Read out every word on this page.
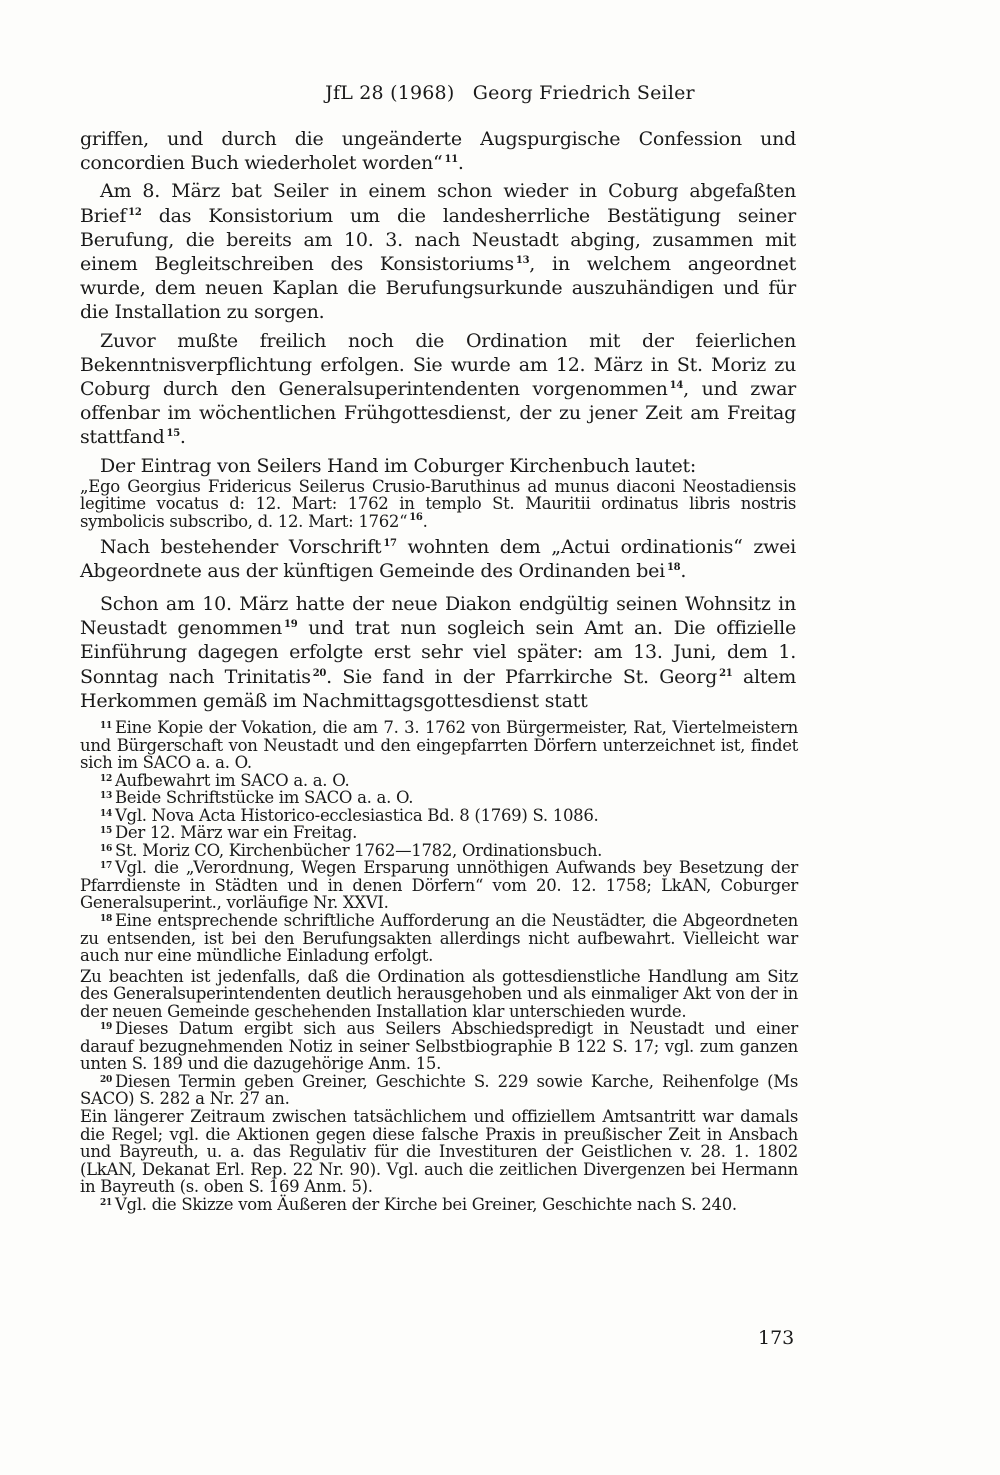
JfL 28 (1968) Georg Friedrich Seiler

griffen, und durch die ungeänderte Augspurgische Confession und concordien Buch wiederholet worden“ $^{11}$.

Am 8. März bat Seiler in einem schon wieder in Coburg abgefaßten Brief $^{12}$ das Konsistorium um die landesherrliche Bestätigung seiner Berufung, die bereits am 10. 3. nach Neustadt abging, zusammen mit einem Begleitschreiben des Konsistoriums $^{13}$, in welchem angeordnet wurde, dem neuen Kaplan die Berufungsurkunde auszuhändigen und für die Installation zu sorgen.

Zuvor mußte freilich noch die Ordination mit der feierlichen Bekenntnisverpflichtung erfolgen. Sie wurde am 12. März in St. Moriz zu Coburg durch den Generalsuperintendenten vorgenommen $^{14}$, und zwar offenbar im wöchentlichen Frühgottesdienst, der zu jener Zeit am Freitag stattfand $^{15}$.

Der Eintrag von Seilers Hand im Coburger Kirchenbuch lautet:

„Ego Georgius Fridericus Seilerus Crusio-Baruthinus ad munus diaconi Neostadiensis legitime vocatus d: 12. Mart: 1762 in templo St. Mauritii ordinatus libris nostris symbolicis subscribo, d. 12. Mart: 1762“ $^{16}$.

Nach bestehender Vorschrift $^{17}$ wohnten dem „Actui ordinationis“ zwei Abgeordnete aus der künftigen Gemeinde des Ordinanden bei $^{18}$.

Schon am 10. März hatte der neue Diakon endgültig seinen Wohnsitz in Neustadt genommen $^{19}$ und trat nun sogleich sein Amt an. Die offizielle Einführung dagegen erfolgte erst sehr viel später: am 13. Juni, dem 1. Sonntag nach Trinitatis $^{20}$. Sie fand in der Pfarrkirche St. Georg $^{21}$ altem Herkommen gemäß im Nachmittagsgottesdienst statt

$^{11}$ Eine Kopie der Vokation, die am 7. 3. 1762 von Bürgermeister, Rat, Viertelmeistern und Bürgerschaft von Neustadt und den eingepfarrten Dörfern unterzeichnet ist, findet sich im SACO a. a. O.

$^{12}$ Aufbewahrt im SACO a. a. O.

$^{13}$ Beide Schriftstücke im SACO a. a. O.

$^{14}$ Vgl. Nova Acta Historico-ecclesiastica Bd. 8 (1769) S. 1086.

$^{15}$ Der 12. März war ein Freitag.

$^{16}$ St. Moriz CO, Kirchenbücher 1762—1782, Ordinationsbuch.

$^{17}$ Vgl. die „Verordnung, Wegen Ersparung unnöthigen Aufwands bey Besetzung der Pfarrdienste in Städten und in denen Dörfern“ vom 20. 12. 1758; LkAN, Coburger Generalsuperint., vorläufige Nr. XXVI.

$^{18}$ Eine entsprechende schriftliche Aufforderung an die Neustädter, die Abgeordneten zu entsenden, ist bei den Berufungsakten allerdings nicht aufbewahrt. Vielleicht war auch nur eine mündliche Einladung erfolgt.

Zu beachten ist jedenfalls, daß die Ordination als gottesdienstliche Handlung am Sitz des Generalsuperintendenten deutlich herausgehoben und als einmaliger Akt von der in der neuen Gemeinde geschehenden Installation klar unterschieden wurde.

$^{19}$ Dieses Datum ergibt sich aus Seilers Abschiedspredigt in Neustadt und einer darauf bezugnehmenden Notiz in seiner Selbstbiographie B 122 S. 17; vgl. zum ganzen unten S. 189 und die dazugehörige Anm. 15.

$^{20}$ Diesen Termin geben Greiner, Geschichte S. 229 sowie Karche, Reihenfolge (Ms SACO) S. 282 a Nr. 27 an.

Ein längerer Zeitraum zwischen tatsächlichem und offiziellem Amtsantritt war damals die Regel; vgl. die Aktionen gegen diese falsche Praxis in preußischer Zeit in Ansbach und Bayreuth, u. a. das Regulativ für die Investituren der Geistlichen v. 28. 1. 1802 (LkAN, Dekanat Erl. Rep. 22 Nr. 90). Vgl. auch die zeitlichen Divergenzen bei Hermann in Bayreuth (s. oben S. 169 Anm. 5).

$^{21}$ Vgl. die Skizze vom Äußeren der Kirche bei Greiner, Geschichte nach S. 240.

173
